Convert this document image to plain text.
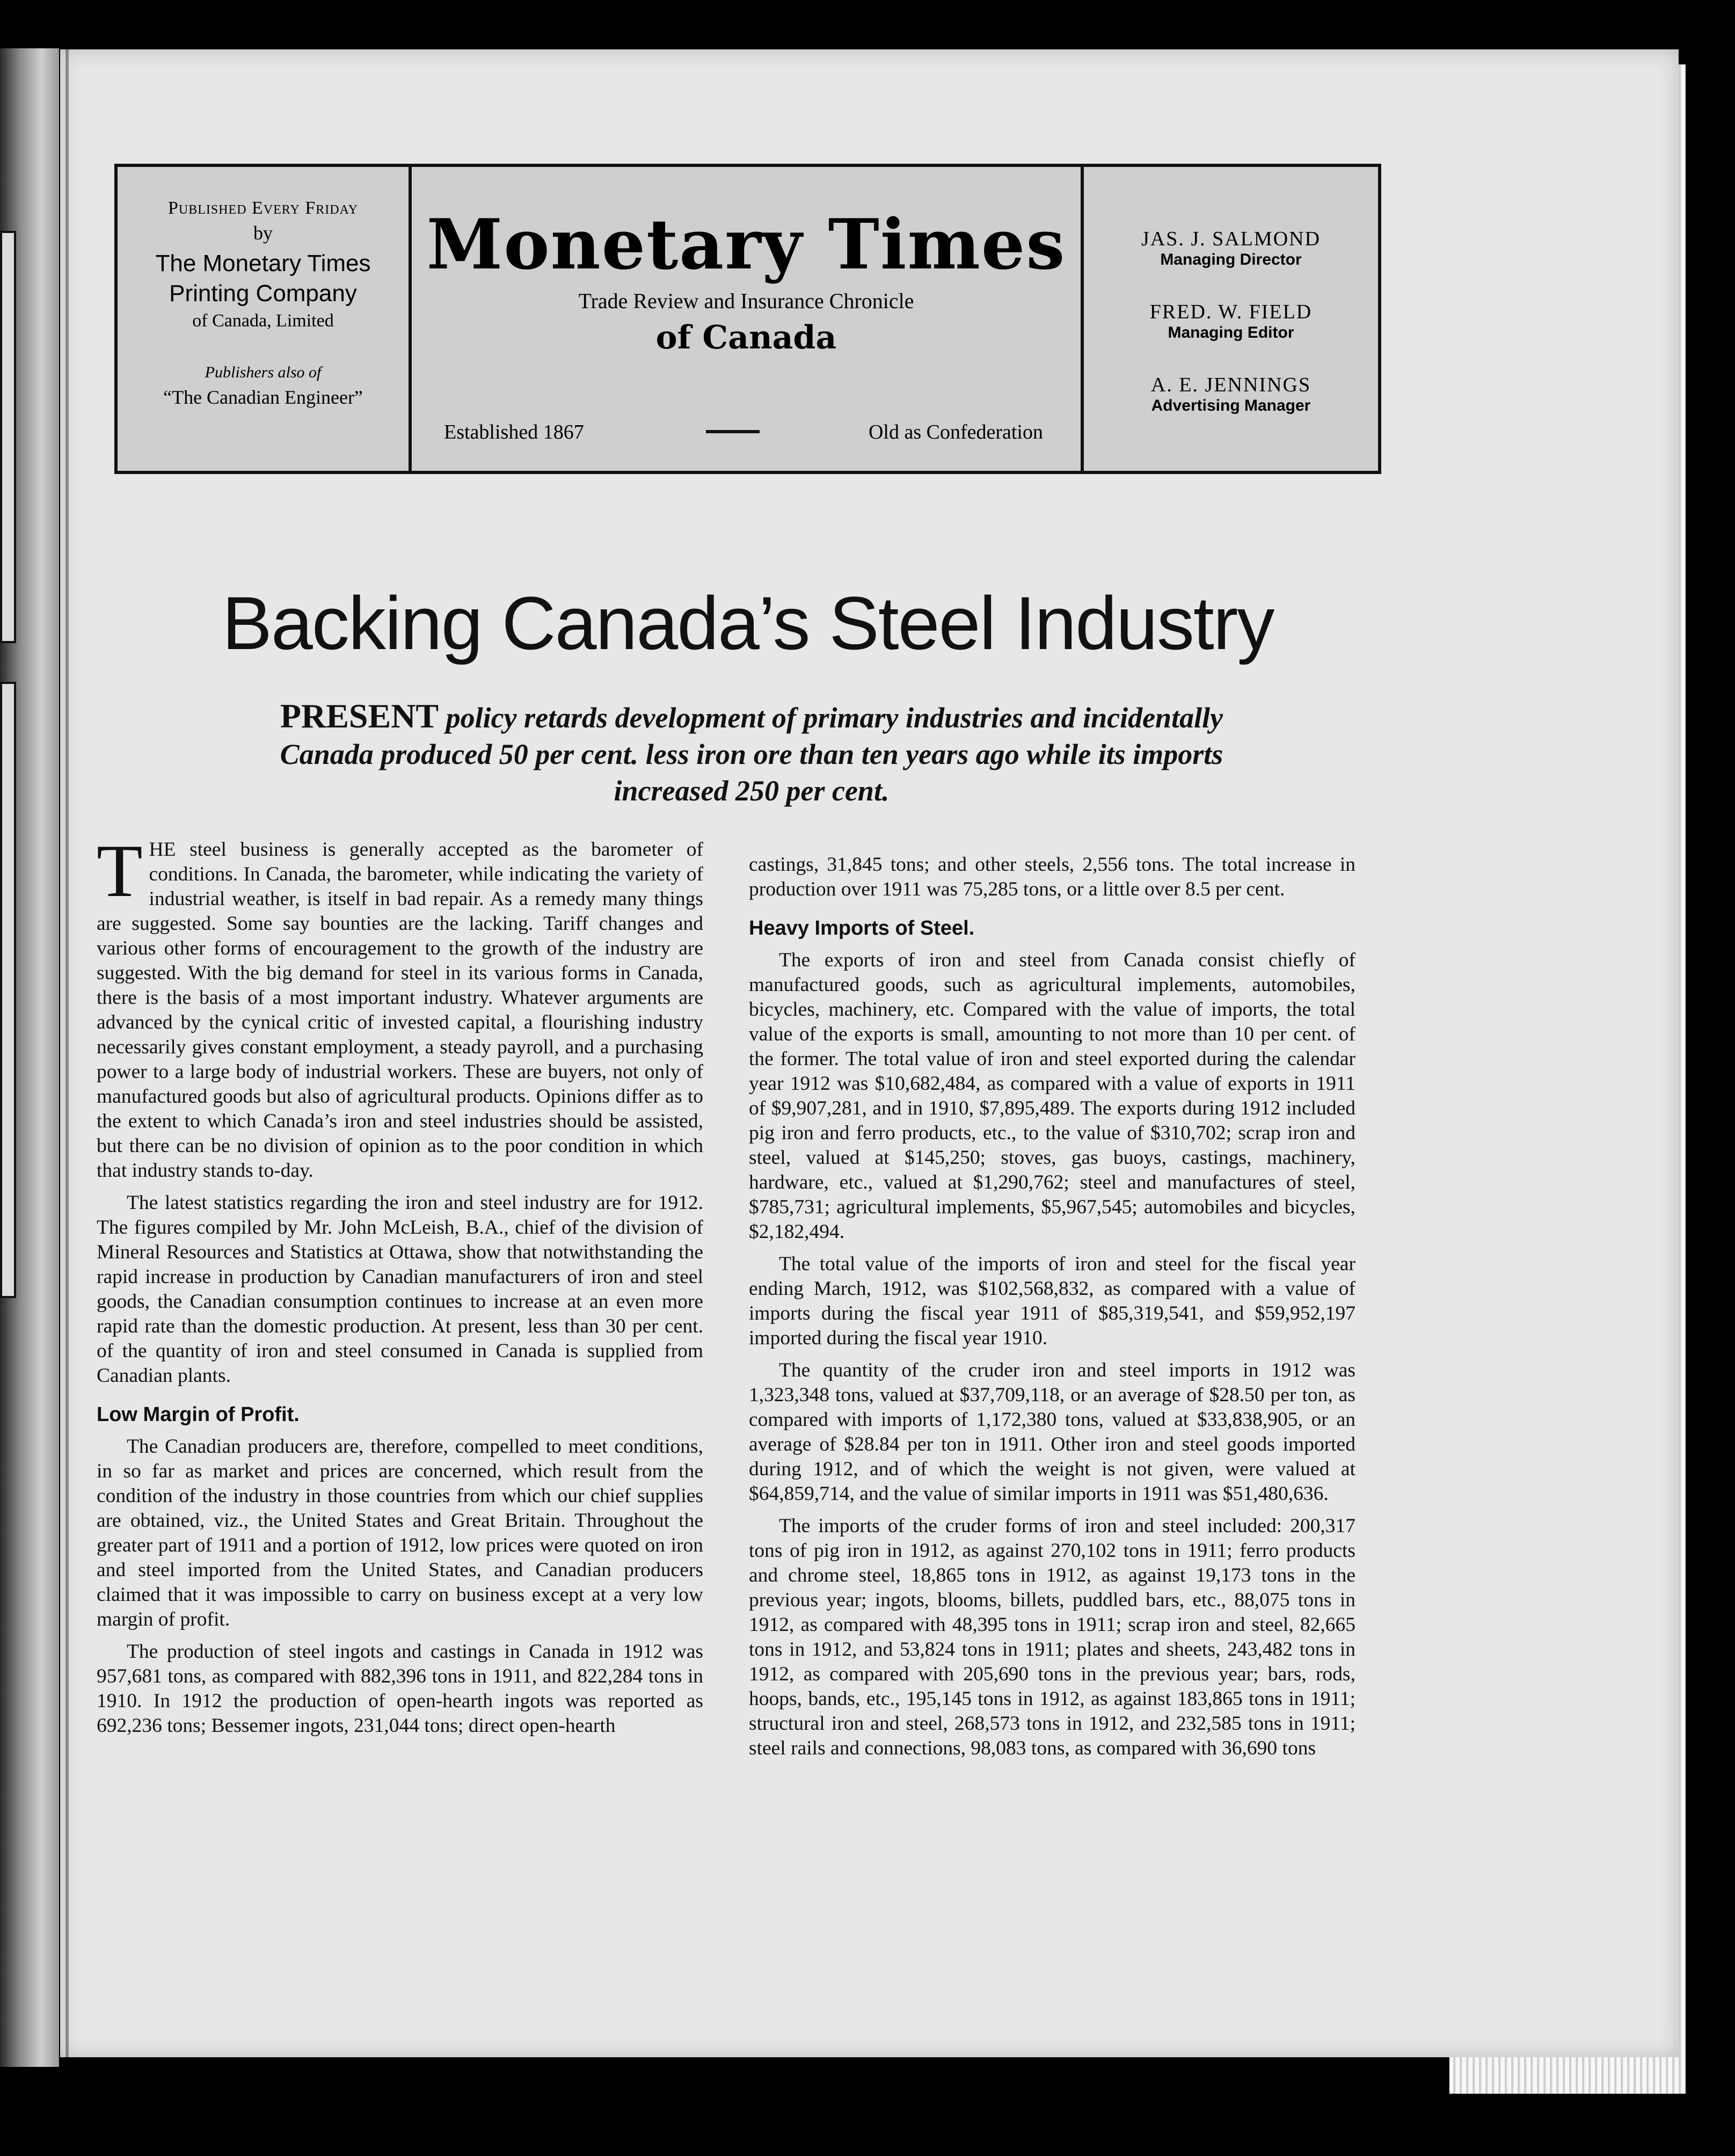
Published Every Friday
by
The Monetary Times Printing Company
of Canada, Limited
Publishers also of
“The Canadian Engineer”
Monetary Times
Trade Review and Insurance Chronicle
of Canada
Established 1867	Old as Confederation
JAS. J. SALMOND
Managing Director
FRED. W. FIELD
Managing Editor
A. E. JENNINGS
Advertising Manager
Backing Canada’s Steel Industry
PRESENT policy retards development of primary industries and incidentally Canada produced 50 per cent. less iron ore than ten years ago while its imports increased 250 per cent.

THE steel business is generally accepted as the barometer of conditions. In Canada, the barometer, while indicating the variety of industrial weather, is itself in bad repair. As a remedy many things are suggested. Some say bounties are the lacking. Tariff changes and various other forms of encouragement to the growth of the industry are suggested. With the big demand for steel in its various forms in Canada, there is the basis of a most important industry. Whatever arguments are advanced by the cynical critic of invested capital, a flourishing industry necessarily gives constant employment, a steady payroll, and a purchasing power to a large body of industrial workers. These are buyers, not only of manufactured goods but also of agricultural products. Opinions differ as to the extent to which Canada’s iron and steel industries should be assisted, but there can be no division of opinion as to the poor condition in which that industry stands to-day.

The latest statistics regarding the iron and steel industry are for 1912. The figures compiled by Mr. John McLeish, B.A., chief of the division of Mineral Resources and Statistics at Ottawa, show that notwithstanding the rapid increase in production by Canadian manufacturers of iron and steel goods, the Canadian consumption continues to increase at an even more rapid rate than the domestic production. At present, less than 30 per cent. of the quantity of iron and steel consumed in Canada is supplied from Canadian plants.

Low Margin of Profit.

The Canadian producers are, therefore, compelled to meet conditions, in so far as market and prices are concerned, which result from the condition of the industry in those countries from which our chief supplies are obtained, viz., the United States and Great Britain. Throughout the greater part of 1911 and a portion of 1912, low prices were quoted on iron and steel imported from the United States, and Canadian producers claimed that it was impossible to carry on business except at a very low margin of profit.

The production of steel ingots and castings in Canada in 1912 was 957,681 tons, as compared with 882,396 tons in 1911, and 822,284 tons in 1910. In 1912 the production of open-hearth ingots was reported as 692,236 tons; Bessemer ingots, 231,044 tons; direct open-hearth

castings, 31,845 tons; and other steels, 2,556 tons. The total increase in production over 1911 was 75,285 tons, or a little over 8.5 per cent.

Heavy Imports of Steel.

The exports of iron and steel from Canada consist chiefly of manufactured goods, such as agricultural implements, automobiles, bicycles, machinery, etc. Compared with the value of imports, the total value of the exports is small, amounting to not more than 10 per cent. of the former. The total value of iron and steel exported during the calendar year 1912 was $10,682,484, as compared with a value of exports in 1911 of $9,907,281, and in 1910, $7,895,489. The exports during 1912 included pig iron and ferro products, etc., to the value of $310,702; scrap iron and steel, valued at $145,250; stoves, gas buoys, castings, machinery, hardware, etc., valued at $1,290,762; steel and manufactures of steel, $785,731; agricultural implements, $5,967,545; automobiles and bicycles, $2,182,494.

The total value of the imports of iron and steel for the fiscal year ending March, 1912, was $102,568,832, as compared with a value of imports during the fiscal year 1911 of $85,319,541, and $59,952,197 imported during the fiscal year 1910.

The quantity of the cruder iron and steel imports in 1912 was 1,323,348 tons, valued at $37,709,118, or an average of $28.50 per ton, as compared with imports of 1,172,380 tons, valued at $33,838,905, or an average of $28.84 per ton in 1911. Other iron and steel goods imported during 1912, and of which the weight is not given, were valued at $64,859,714, and the value of similar imports in 1911 was $51,480,636.

The imports of the cruder forms of iron and steel included: 200,317 tons of pig iron in 1912, as against 270,102 tons in 1911; ferro products and chrome steel, 18,865 tons in 1912, as against 19,173 tons in the previous year; ingots, blooms, billets, puddled bars, etc., 88,075 tons in 1912, as compared with 48,395 tons in 1911; scrap iron and steel, 82,665 tons in 1912, and 53,824 tons in 1911; plates and sheets, 243,482 tons in 1912, as compared with 205,690 tons in the previous year; bars, rods, hoops, bands, etc., 195,145 tons in 1912, as against 183,865 tons in 1911; structural iron and steel, 268,573 tons in 1912, and 232,585 tons in 1911; steel rails and connections, 98,083 tons, as compared with 36,690 tons
